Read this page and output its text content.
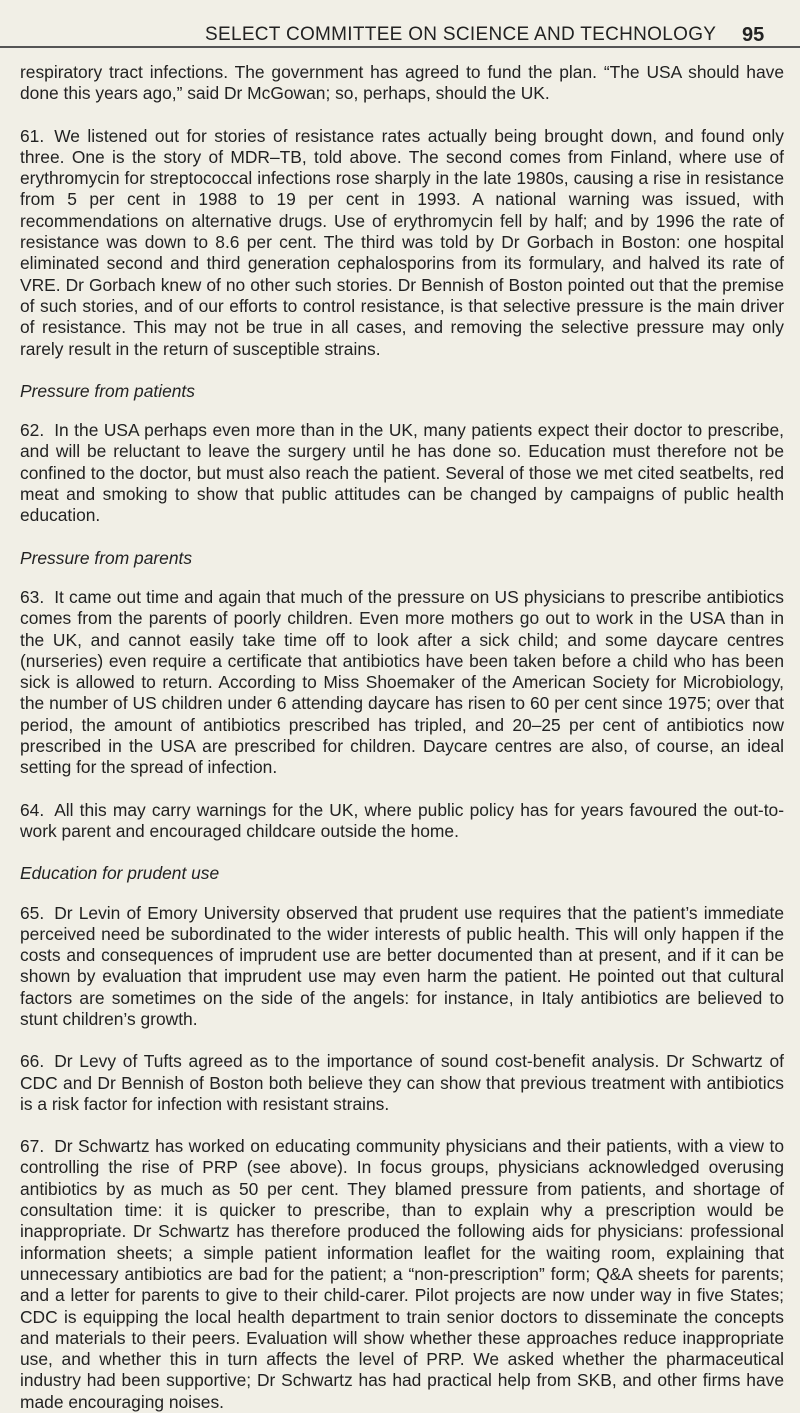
SELECT COMMITTEE ON SCIENCE AND TECHNOLOGY 95

respiratory tract infections. The government has agreed to fund the plan. “The USA should have done this years ago,” said Dr McGowan; so, perhaps, should the UK.

61. We listened out for stories of resistance rates actually being brought down, and found only three. One is the story of MDR–TB, told above. The second comes from Finland, where use of erythromycin for streptococcal infections rose sharply in the late 1980s, causing a rise in resistance from 5 per cent in 1988 to 19 per cent in 1993. A national warning was issued, with recommendations on alternative drugs. Use of erythromycin fell by half; and by 1996 the rate of resistance was down to 8.6 per cent. The third was told by Dr Gorbach in Boston: one hospital eliminated second and third generation cephalosporins from its formulary, and halved its rate of VRE. Dr Gorbach knew of no other such stories. Dr Bennish of Boston pointed out that the premise of such stories, and of our efforts to control resistance, is that selective pressure is the main driver of resistance. This may not be true in all cases, and removing the selective pressure may only rarely result in the return of susceptible strains.

Pressure from patients

62. In the USA perhaps even more than in the UK, many patients expect their doctor to prescribe, and will be reluctant to leave the surgery until he has done so. Education must therefore not be confined to the doctor, but must also reach the patient. Several of those we met cited seatbelts, red meat and smoking to show that public attitudes can be changed by campaigns of public health education.

Pressure from parents

63. It came out time and again that much of the pressure on US physicians to prescribe antibiotics comes from the parents of poorly children. Even more mothers go out to work in the USA than in the UK, and cannot easily take time off to look after a sick child; and some daycare centres (nurseries) even require a certificate that antibiotics have been taken before a child who has been sick is allowed to return. According to Miss Shoemaker of the American Society for Microbiology, the number of US children under 6 attending daycare has risen to 60 per cent since 1975; over that period, the amount of antibiotics prescribed has tripled, and 20–25 per cent of antibiotics now prescribed in the USA are prescribed for children. Daycare centres are also, of course, an ideal setting for the spread of infection.

64. All this may carry warnings for the UK, where public policy has for years favoured the out-to-work parent and encouraged childcare outside the home.

Education for prudent use

65. Dr Levin of Emory University observed that prudent use requires that the patient’s immediate perceived need be subordinated to the wider interests of public health. This will only happen if the costs and consequences of imprudent use are better documented than at present, and if it can be shown by evaluation that imprudent use may even harm the patient. He pointed out that cultural factors are sometimes on the side of the angels: for instance, in Italy antibiotics are believed to stunt children’s growth.

66. Dr Levy of Tufts agreed as to the importance of sound cost-benefit analysis. Dr Schwartz of CDC and Dr Bennish of Boston both believe they can show that previous treatment with antibiotics is a risk factor for infection with resistant strains.

67. Dr Schwartz has worked on educating community physicians and their patients, with a view to controlling the rise of PRP (see above). In focus groups, physicians acknowledged overusing antibiotics by as much as 50 per cent. They blamed pressure from patients, and shortage of consultation time: it is quicker to prescribe, than to explain why a prescription would be inappropriate. Dr Schwartz has therefore produced the following aids for physicians: professional information sheets; a simple patient information leaflet for the waiting room, explaining that unnecessary antibiotics are bad for the patient; a “non-prescription” form; Q&A sheets for parents; and a letter for parents to give to their child-carer. Pilot projects are now under way in five States; CDC is equipping the local health department to train senior doctors to disseminate the concepts and materials to their peers. Evaluation will show whether these approaches reduce inappropriate use, and whether this in turn affects the level of PRP. We asked whether the pharmaceutical industry had been supportive; Dr Schwartz has had practical help from SKB, and other firms have made encouraging noises.
